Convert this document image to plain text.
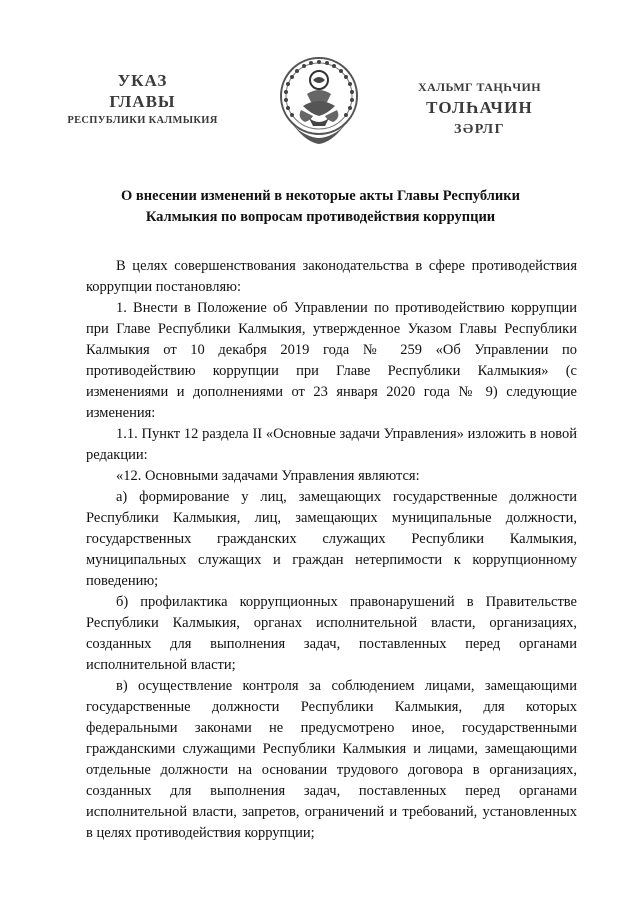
УКАЗ
ГЛАВЫ
РЕСПУБЛИКИ КАЛМЫКИЯ
ХАЛЬМГ ТАҢҺЧИН
ТОЛҺАЧИН
ЗӘРЛГ
О внесении изменений в некоторые акты Главы Республики
Калмыкия по вопросам противодействия коррупции

В целях совершенствования законодательства в сфере противодействия коррупции постановляю:

1. Внести в Положение об Управлении по противодействию коррупции при Главе Республики Калмыкия, утвержденное Указом Главы Республики Калмыкия от 10 декабря 2019 года № 259 «Об Управлении по противодействию коррупции при Главе Республики Калмыкия» (с изменениями и дополнениями от 23 января 2020 года № 9) следующие изменения:

1.1. Пункт 12 раздела II «Основные задачи Управления» изложить в новой редакции:

«12. Основными задачами Управления являются:

а) формирование у лиц, замещающих государственные должности Республики Калмыкия, лиц, замещающих муниципальные должности, государственных гражданских служащих Республики Калмыкия, муниципальных служащих и граждан нетерпимости к коррупционному поведению;

б) профилактика коррупционных правонарушений в Правительстве Республики Калмыкия, органах исполнительной власти, организациях, созданных для выполнения задач, поставленных перед органами исполнительной власти;

в) осуществление контроля за соблюдением лицами, замещающими государственные должности Республики Калмыкия, для которых федеральными законами не предусмотрено иное, государственными гражданскими служащими Республики Калмыкия и лицами, замещающими отдельные должности на основании трудового договора в организациях, созданных для выполнения задач, поставленных перед органами исполнительной власти, запретов, ограничений и требований, установленных в целях противодействия коррупции;
